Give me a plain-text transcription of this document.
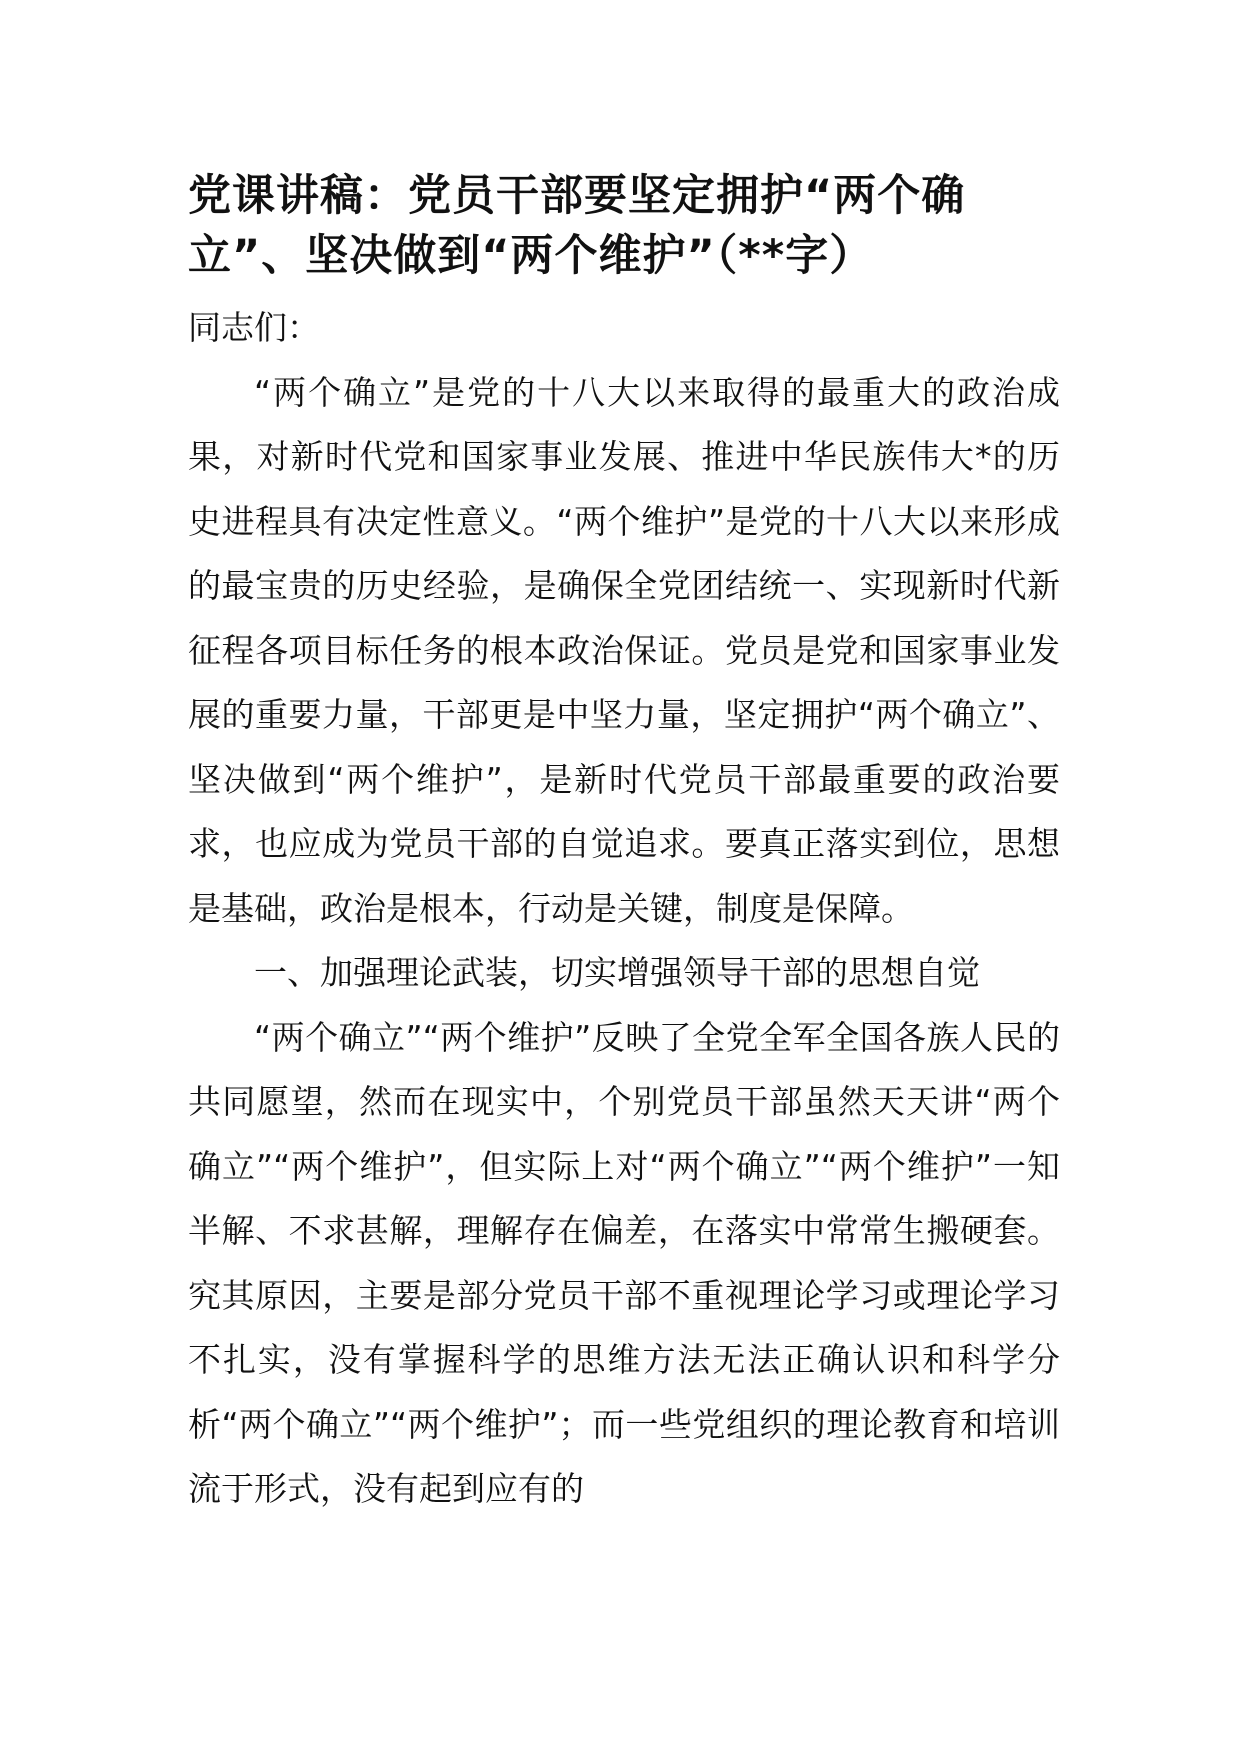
党课讲稿：党员干部要坚定拥护“两个确立”、坚决做到“两个维护”（**字）

同志们：

“两个确立”是党的十八大以来取得的最重大的政治成果，对新时代党和国家事业发展、推进中华民族伟大*的历史进程具有决定性意义。“两个维护”是党的十八大以来形成的最宝贵的历史经验，是确保全党团结统一、实现新时代新征程各项目标任务的根本政治保证。党员是党和国家事业发展的重要力量，干部更是中坚力量，坚定拥护“两个确立”、坚决做到“两个维护”，是新时代党员干部最重要的政治要求，也应成为党员干部的自觉追求。要真正落实到位，思想是基础，政治是根本，行动是关键，制度是保障。

一、加强理论武装，切实增强领导干部的思想自觉

“两个确立”“两个维护”反映了全党全军全国各族人民的共同愿望，然而在现实中，个别党员干部虽然天天讲“两个确立”“两个维护”，但实际上对“两个确立”“两个维护”一知半解、不求甚解，理解存在偏差，在落实中常常生搬硬套。究其原因，主要是部分党员干部不重视理论学习或理论学习不扎实，没有掌握科学的思维方法无法正确认识和科学分析“两个确立”“两个维护”；而一些党组织的理论教育和培训流于形式，没有起到应有的
